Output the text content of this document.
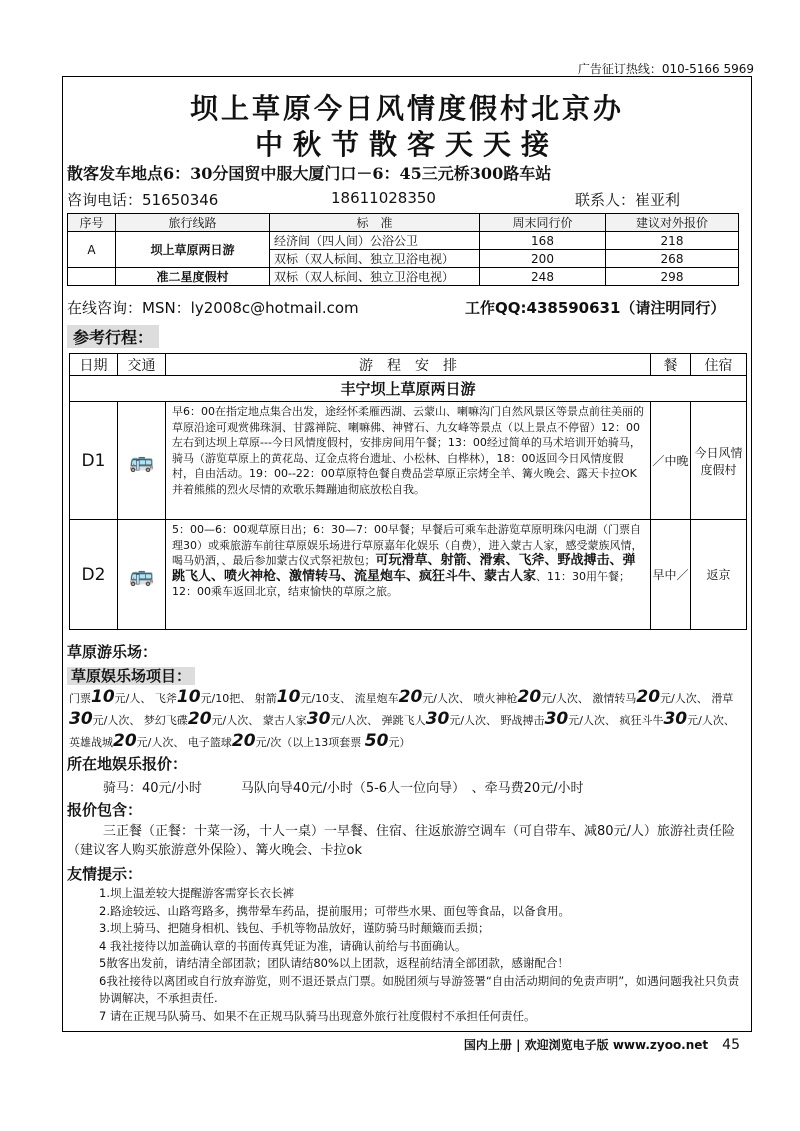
广告征订热线：010-5166 5969
坝上草原今日风情度假村北京办
中秋节散客天天接
散客发车地点6：30分国贸中服大厦门口－6：45三元桥300路车站
咨询电话：51650346	18611028350	联系人：崔亚利
序号	旅行线路	标　准	周末同行价	建议对外报价
A	坝上草原两日游	经济间（四人间）公浴公卫	168	218
		双标（双人标间、独立卫浴电视）	200	268
	准二星度假村	双标（双人标间、独立卫浴电视）	248	298
在线咨询：MSN：ly2008c@hotmail.com	工作QQ:438590631（请注明同行）
参考行程：
日期	交通	游　程　安　排	餐	住宿
丰宁坝上草原两日游				
D1	🚌	早6：00在指定地点集合出发，途经怀柔雁西湖、云蒙山、喇嘛沟门自然风景区等景点前往美丽的草原沿途可观赏佛珠洞、甘露禅院、喇嘛佛、神臂石、九女峰等景点（以上景点不停留）12：00左右到达坝上草原---今日风情度假村，安排房间用午餐；13：00经过简单的马术培训开始骑马，骑马（游览草原上的黄花岛、辽金点将台遗址、小松林、白桦林），18：00返回今日风情度假村，自由活动。19：00--22：00草原特色餐自费品尝草原正宗烤全羊、篝火晚会、露天卡拉OK并着熊熊的烈火尽情的欢歌乐舞蹦迪彻底放松自我。	／中晚	今日风情度假村
D2	🚌	5：00—6：00观草原日出；6：30—7：00早餐；早餐后可乘车赴游览草原明珠闪电湖（门票自理30）或乘旅游车前往草原娱乐场进行草原嘉年化娱乐（自费），进入蒙古人家，感受蒙族风情，喝马奶酒，、最后参加蒙古仪式祭祀敖包；可玩滑草、射箭、滑索、飞斧、野战搏击、弹跳飞人、喷火神枪、激情转马、流星炮车、疯狂斗牛、蒙古人家、11：30用午餐；12：00乘车返回北京，结束愉快的草原之旅。	早中／	返京
草原游乐场：
草原娱乐场项目：
门票10元/人、 飞斧10元/10把、 射箭10元/10支、 流星炮车20元/人次、 喷火神枪20元/人次、 激情转马20元/人次、 滑草30元/人次、 梦幻飞碟20元/人次、 蒙古人家30元/人次、 弹跳飞人30元/人次、 野战搏击30元/人次、 疯狂斗牛30元/人次、 英雄战城20元/人次、 电子篮球20元/次（以上13项套票 50元）
所在地娱乐报价：
骑马：40元/小时　　　马队向导40元/小时（5-6人一位向导）　、牵马费20元/小时
报价包含：
三正餐（正餐：十菜一汤，十人一桌）一早餐、住宿、往返旅游空调车（可自带车、减80元/人）旅游社责任险（建议客人购买旅游意外保险）、篝火晚会、卡拉ok
友情提示：
1.坝上温差较大提醒游客需穿长衣长裤
2.路途较远、山路弯路多，携带晕车药品，提前服用；可带些水果、面包等食品，以备食用。
3.坝上骑马、把随身相机、钱包、手机等物品放好，谨防骑马时颠簸而丢损；
4 我社接待以加盖确认章的书面传真凭证为准，请确认前给与书面确认。
5散客出发前，请结清全部团款；团队请结80%以上团款，返程前结清全部团款，感谢配合！
6我社接待以离团或自行放弃游览，则不退还景点门票。如脱团须与导游签署“自由活动期间的免责声明”，如遇问题我社只负责协调解决，不承担责任.
7 请在正规马队骑马、如果不在正规马队骑马出现意外旅行社度假村不承担任何责任。
国内上册 | 欢迎浏览电子版 www.zyoo.net 45
